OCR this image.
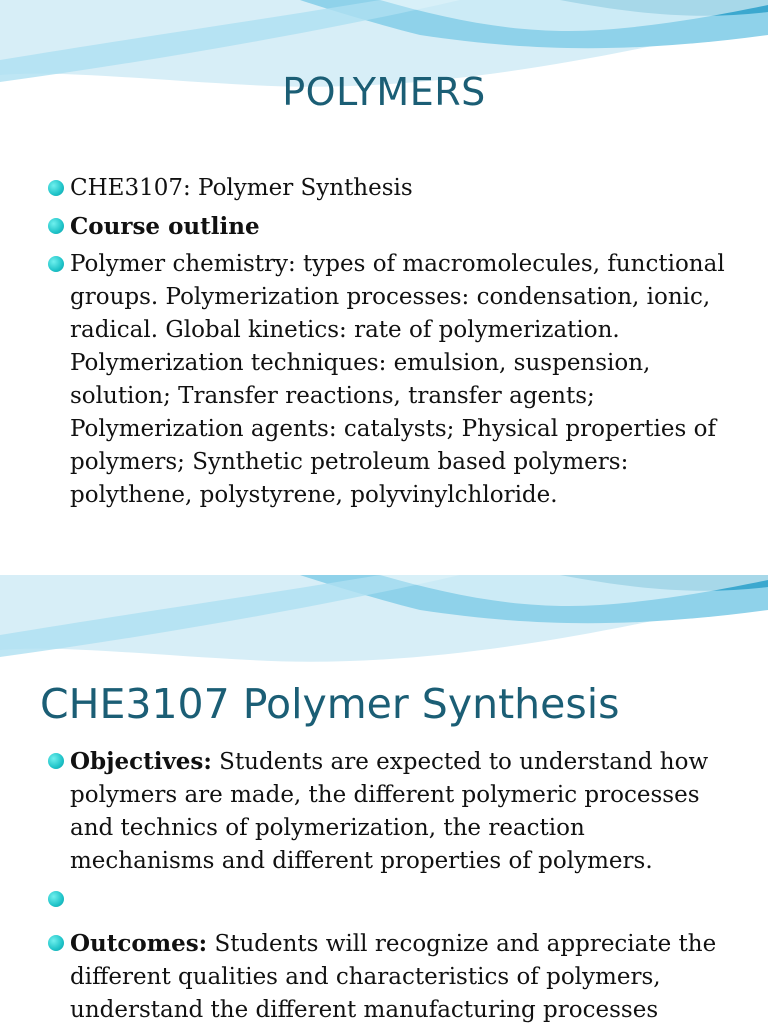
POLYMERS
CHE3107: Polymer Synthesis
Course outline
Polymer chemistry: types of macromolecules, functional groups. Polymerization processes: condensation, ionic, radical. Global kinetics: rate of polymerization. Polymerization techniques: emulsion, suspension, solution; Transfer reactions, transfer agents; Polymerization agents: catalysts; Physical properties of polymers; Synthetic petroleum based polymers: polythene, polystyrene, polyvinylchloride.
CHE3107 Polymer Synthesis
Objectives: Students are expected to understand how polymers are made, the different polymeric processes and technics of polymerization, the reaction mechanisms and different properties of polymers.
Outcomes: Students will recognize and appreciate the different qualities and characteristics of polymers, understand the different manufacturing processes
